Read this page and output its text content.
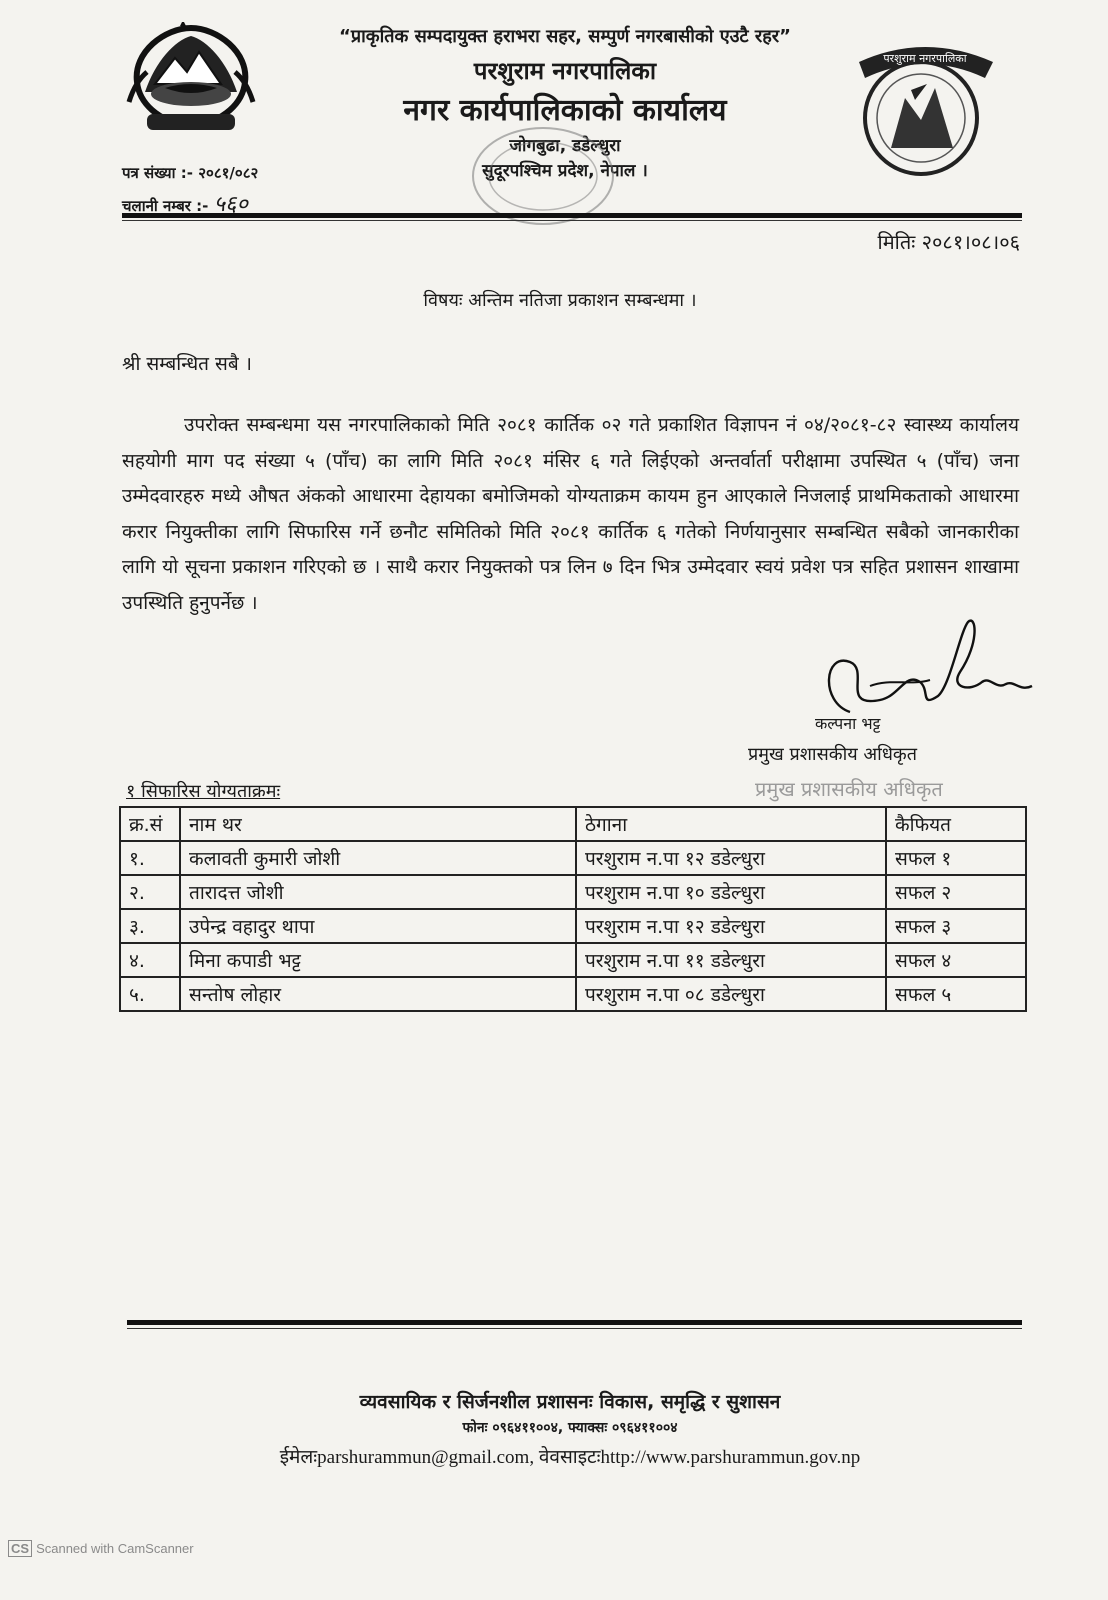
“प्राकृतिक सम्पदायुक्त हराभरा सहर, सम्पुर्ण नगरबासीको एउटै रहर”
परशुराम नगरपालिका
नगर कार्यपालिकाको कार्यालय
जोगबुढा, डडेल्धुरा
सुदूरपश्चिम प्रदेश, नेपाल ।
परशुराम नगरपालिका
पत्र संख्या :- २०८१/०८२
चलानी नम्बर :- ५६०
मितिः २०८१।०८।०६
विषयः अन्तिम नतिजा प्रकाशन सम्बन्धमा ।
श्री सम्बन्धित सबै ।
उपरोक्त सम्बन्धमा यस नगरपालिकाको मिति २०८१ कार्तिक ०२ गते प्रकाशित विज्ञापन नं ०४/२०८१-८२ स्वास्थ्य कार्यालय सहयोगी माग पद संख्या ५ (पाँच) का लागि मिति २०८१ मंसिर ६ गते लिईएको अन्तर्वार्ता परीक्षामा उपस्थित ५ (पाँच) जना उम्मेदवारहरु मध्ये औषत अंकको आधारमा देहायका बमोजिमको योग्यताक्रम कायम हुन आएकाले निजलाई प्राथमिकताको आधारमा करार नियुक्तीका लागि सिफारिस गर्ने छनौट समितिको मिति २०८१ कार्तिक ६ गतेको निर्णयानुसार सम्बन्धित सबैको जानकारीका लागि यो सूचना प्रकाशन गरिएको छ । साथै करार नियुक्तको पत्र लिन ७ दिन भित्र उम्मेदवार स्वयं प्रवेश पत्र सहित प्रशासन शाखामा उपस्थिति हुनुपर्नेछ ।
कल्पना भट्ट
प्रमुख प्रशासकीय अधिकृत
प्रमुख प्रशासकीय अधिकृत
१ सिफारिस योग्यताक्रमः
क्र.सं	नाम थर	ठेगाना	कैफियत
१.	कलावती कुमारी जोशी	परशुराम न.पा १२ डडेल्धुरा	सफल १
२.	तारादत्त जोशी	परशुराम न.पा १० डडेल्धुरा	सफल २
३.	उपेन्द्र वहादुर थापा	परशुराम न.पा १२ डडेल्धुरा	सफल ३
४.	मिना कपाडी भट्ट	परशुराम न.पा ११ डडेल्धुरा	सफल ४
५.	सन्तोष लोहार	परशुराम न.पा ०८ डडेल्धुरा	सफल ५
व्यवसायिक र सिर्जनशील प्रशासनः विकास, समृद्धि र सुशासन
फोनः ०९६४११००४, फ्याक्सः ०९६४११००४
ईमेलःparshurammun@gmail.com, वेवसाइटःhttp://www.parshurammun.gov.np
CS Scanned with CamScanner
